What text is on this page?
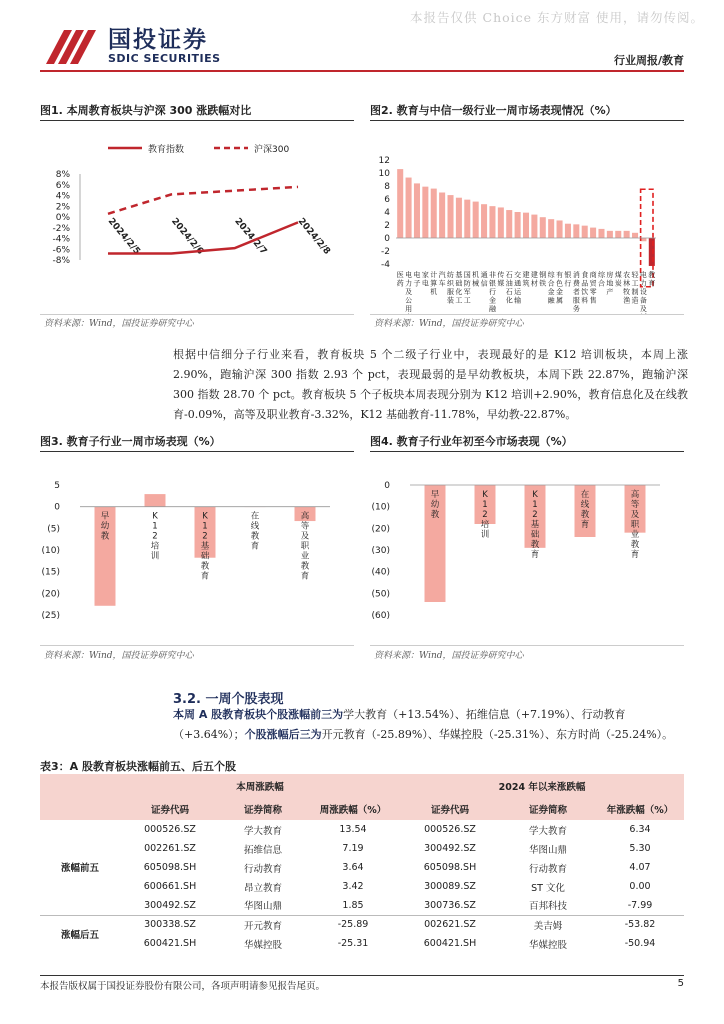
本报告仅供 Choice 东方财富 使用，请勿传阅。
国投证券
SDIC SECURITIES	行业周报/教育
图1. 本周教育板块与沪深 300 涨跌幅对比
教育指数	沪深300
8%
6%
4%
2%
0%
-2%
-4%
-6%
-8%
2024/2/5	2024/2/6	2024/2/7	2024/2/8
资料来源：Wind，国投证券研究中心
图2. 教育与中信一级行业一周市场表现情况（%）
12
10
8
6
4
2
0
-2
-4
医药
电力及公用
电子
家电
计算机
汽车
纺织服装
基础化工
国防军工
机械
通信
非银行金融
传媒
石油石化
交通运输
建筑
建材
钢铁
综合金融
有色金属
银行
消费者服务
食品饮料
商贸零售
综合
房地产
煤炭
农林牧渔
轻工制造
电力设备及
教育
资料来源：Wind，国投证券研究中心
根据中信细分子行业来看，教育板块 5 个二级子行业中，表现最好的是 K12 培训板块，本周上涨 2.90%，跑输沪深 300 指数 2.93 个 pct，表现最弱的是早幼教板块，本周下跌 22.87%，跑输沪深 300 指数 28.70 个 pct。教育板块 5 个子板块本周表现分别为 K12 培训+2.90%，教育信息化及在线教育-0.09%，高等及职业教育-3.32%，K12 基础教育-11.78%，早幼教-22.87%。
图3. 教育子行业一周市场表现（%）
5
0
(5)
(10)
(15)
(20)
(25)
早幼教
K 1 2 培训
K 1 2 基础教育
在线教育
高等及职业教育
资料来源：Wind，国投证券研究中心
图4. 教育子行业年初至今市场表现（%）
0
(10)
(20)
(30)
(40)
(50)
(60)
早幼教
K 1 2 培训
K 1 2 基础教育
在线教育
高等及职业教育
资料来源：Wind，国投证券研究中心
3.2. 一周个股表现
本周 A 股教育板块个股涨幅前三为学大教育（+13.54%）、拓维信息（+7.19%）、行动教育（+3.64%）；个股涨幅后三为开元教育（-25.89%）、华媒控股（-25.31%）、东方时尚（-25.24%）。
表3：A 股教育板块涨幅前五、后五个股
	本周涨跌幅			2024 年以来涨跌幅		
	证券代码	证券简称	周涨跌幅（%）	证券代码	证券简称	年涨跌幅（%）
涨幅前五	000526.SZ	学大教育	13.54	000526.SZ	学大教育	6.34
	002261.SZ	拓维信息	7.19	300492.SZ	华图山鼎	5.30
	605098.SH	行动教育	3.64	605098.SH	行动教育	4.07
	600661.SH	昂立教育	3.42	300089.SZ	ST 文化	0.00
	300492.SZ	华图山鼎	1.85	300736.SZ	百邦科技	-7.99
涨幅后五	300338.SZ	开元教育	-25.89	002621.SZ	美吉姆	-53.82
	600421.SH	华媒控股	-25.31	600421.SH	华媒控股	-50.94
本报告版权属于国投证券股份有限公司，各项声明请参见报告尾页。	5
